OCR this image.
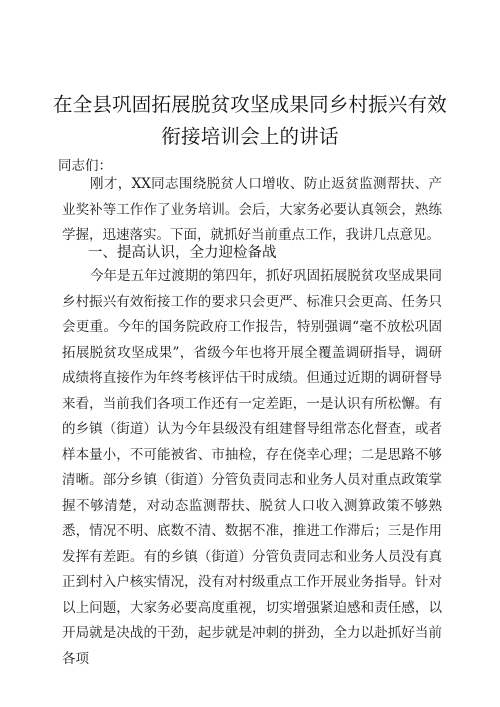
在全县巩固拓展脱贫攻坚成果同乡村振兴有效
衔接培训会上的讲话
同志们：

刚才，XX同志围绕脱贫人口增收、防止返贫监测帮扶、产业奖补等工作作了业务培训。会后，大家务必要认真领会，熟练学握，迅速落实。下面，就抓好当前重点工作，我讲几点意见。

一、提高认识，全力迎检备战

今年是五年过渡期的第四年，抓好巩固拓展脱贫攻坚成果同乡村振兴有效衔接工作的要求只会更严、标准只会更高、任务只会更重。今年的国务院政府工作报告，特别强调“毫不放松巩固拓展脱贫攻坚成果”，省级今年也将开展全覆盖调研指导，调研成绩将直接作为年终考核评估干时成绩。但通过近期的调研督导来看，当前我们各项工作还有一定差距，一是认识有所松懈。有的乡镇（街道）认为今年县级没有组建督导组常态化督查，或者样本量小，不可能被省、市抽检，存在侥幸心理；二是思路不够清晰。部分乡镇（街道）分管负责同志和业务人员对重点政策掌握不够清楚，对动态监测帮扶、脱贫人口收入测算政策不够熟悉，情况不明、底数不清、数据不准，推进工作滞后；三是作用发挥有差距。有的乡镇（街道）分管负责同志和业务人员没有真正到村入户核实情况，没有对村级重点工作开展业务指导。针对以上问题，大家务必要高度重视，切实增强紧迫感和责任感，以开局就是决战的干劲，起步就是冲刺的拼劲，全力以赴抓好当前各项
